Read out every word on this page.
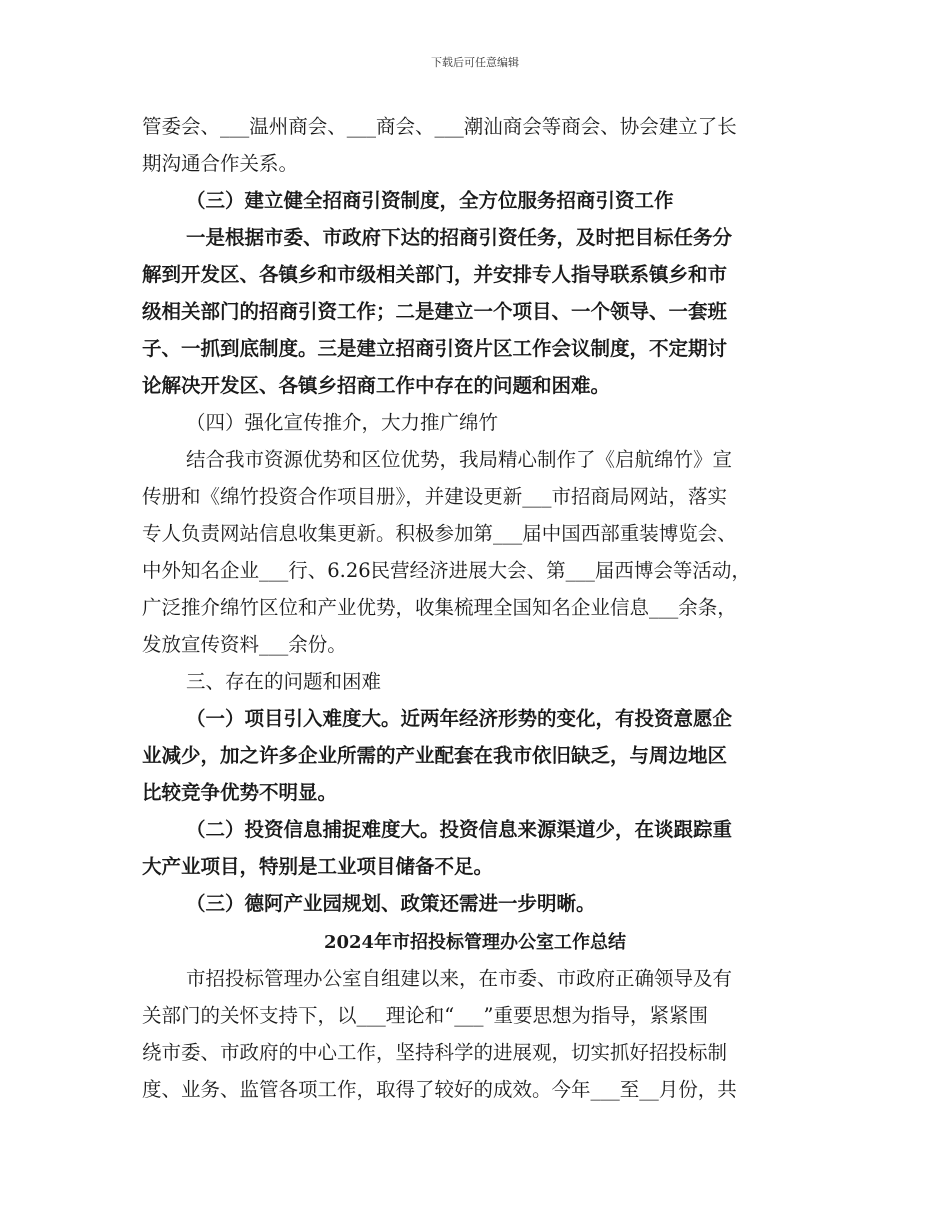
下载后可任意编辑
管委会、___温州商会、___商会、___潮汕商会等商会、协会建立了长
期沟通合作关系。
（三）建立健全招商引资制度，全方位服务招商引资工作
一是根据市委、市政府下达的招商引资任务，及时把目标任务分
解到开发区、各镇乡和市级相关部门，并安排专人指导联系镇乡和市
级相关部门的招商引资工作；二是建立一个项目、一个领导、一套班
子、一抓到底制度。三是建立招商引资片区工作会议制度，不定期讨
论解决开发区、各镇乡招商工作中存在的问题和困难。
（四）强化宣传推介，大力推广绵竹
结合我市资源优势和区位优势，我局精心制作了《启航绵竹》宣
传册和《绵竹投资合作项目册》，并建设更新___市招商局网站，落实
专人负责网站信息收集更新。积极参加第___届中国西部重装博览会、
中外知名企业___行、6.26民营经济进展大会、第___届西博会等活动，
广泛推介绵竹区位和产业优势，收集梳理全国知名企业信息___余条，
发放宣传资料___余份。
三、存在的问题和困难
（一）项目引入难度大。近两年经济形势的变化，有投资意愿企
业减少，加之许多企业所需的产业配套在我市依旧缺乏，与周边地区
比较竞争优势不明显。
（二）投资信息捕捉难度大。投资信息来源渠道少，在谈跟踪重
大产业项目，特别是工业项目储备不足。
（三）德阿产业园规划、政策还需进一步明晰。
2024年市招投标管理办公室工作总结
市招投标管理办公室自组建以来，在市委、市政府正确领导及有
关部门的关怀支持下，以___理论和“___”重要思想为指导，紧紧围
绕市委、市政府的中心工作，坚持科学的进展观，切实抓好招投标制
度、业务、监管各项工作，取得了较好的成效。今年___至__月份，共
